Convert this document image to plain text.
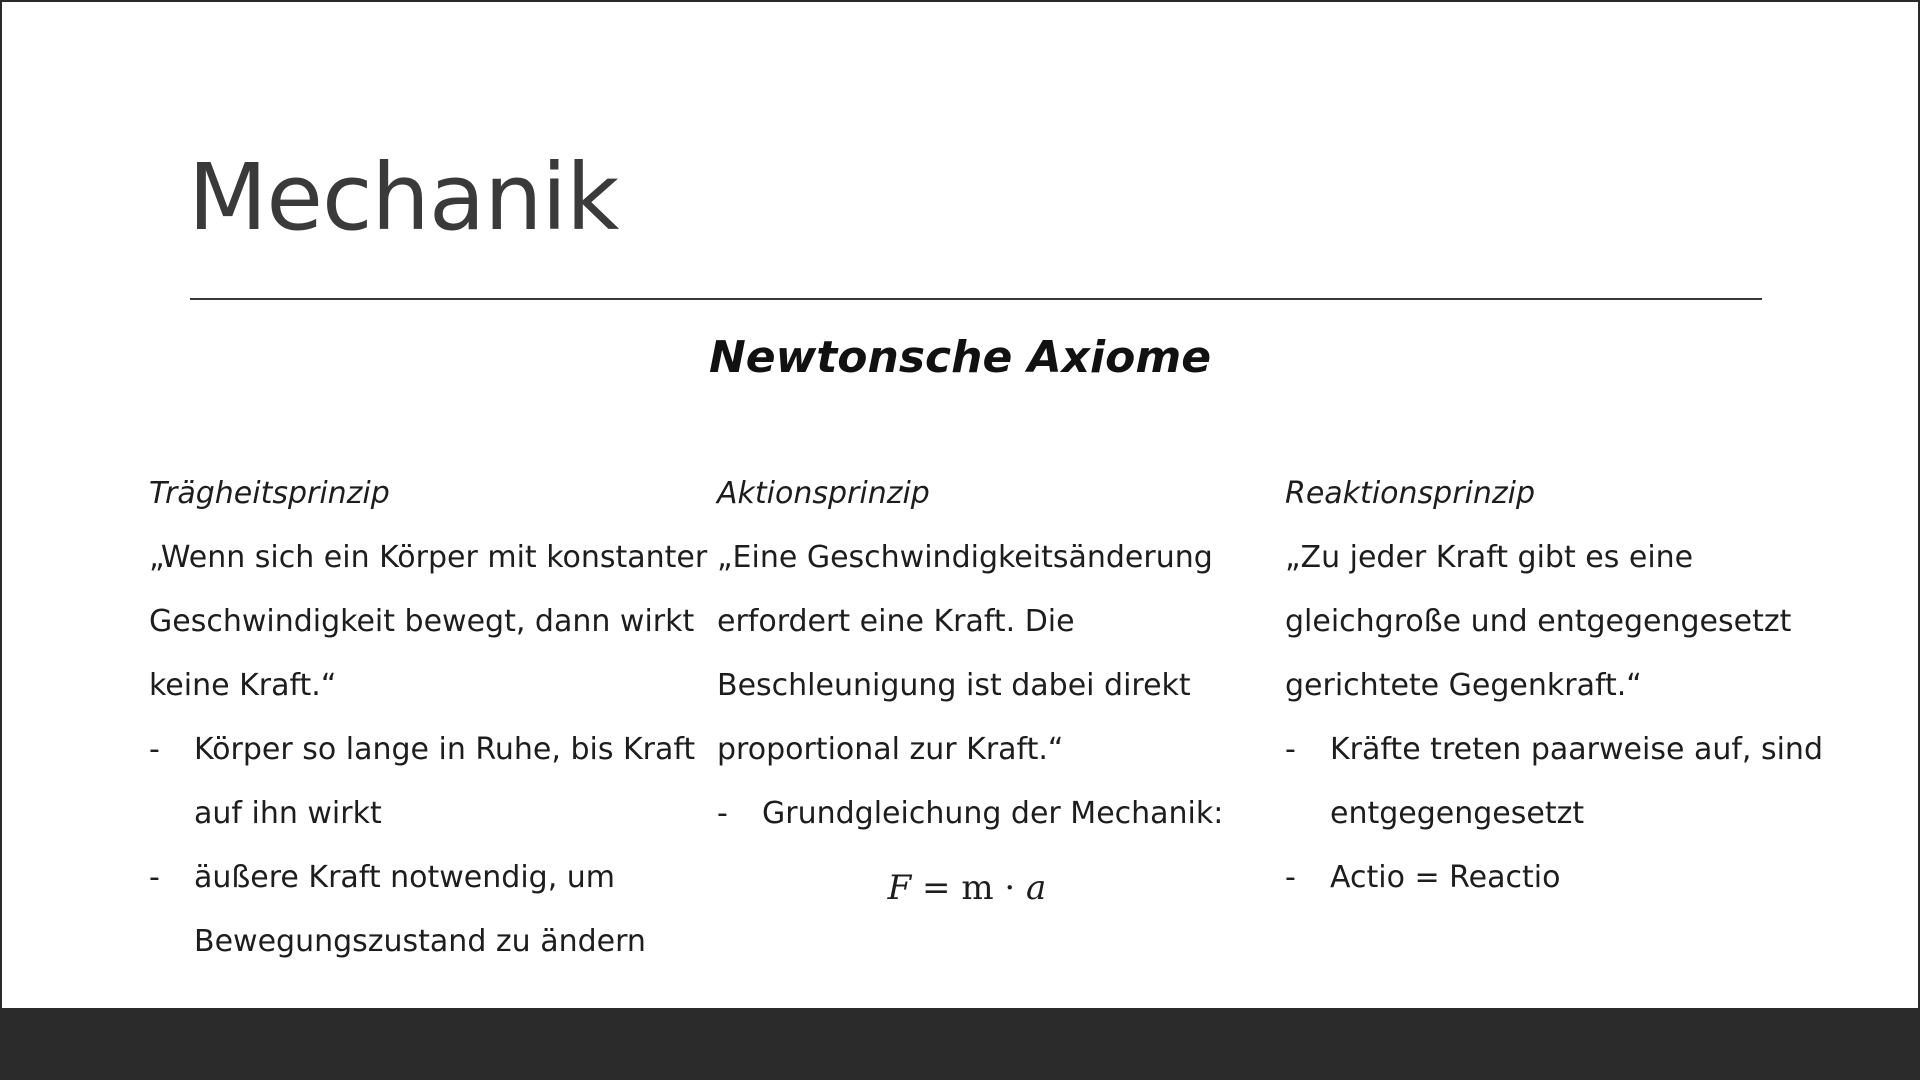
Mechanik
Newtonsche Axiome
Trägheitsprinzip
„Wenn sich ein Körper mit konstanter Geschwindigkeit bewegt, dann wirkt keine Kraft.“
- Körper so lange in Ruhe, bis Kraft auf ihn wirkt
- äußere Kraft notwendig, um Bewegungszustand zu ändern
Aktionsprinzip
„Eine Geschwindigkeitsänderung erfordert eine Kraft. Die Beschleunigung ist dabei direkt proportional zur Kraft.“
- Grundgleichung der Mechanik:
F = m · a
Reaktionsprinzip
„Zu jeder Kraft gibt es eine gleichgroße und entgegengesetzt gerichtete Gegenkraft.“
- Kräfte treten paarweise auf, sind entgegengesetzt
- Actio = Reactio
